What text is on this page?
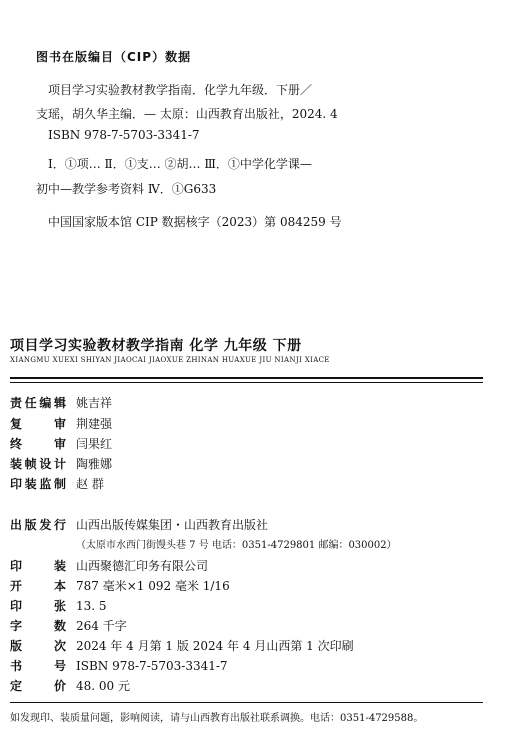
图书在版编目（CIP）数据
项目学习实验教材教学指南．化学九年级．下册／
支瑶，胡久华主编．— 太原：山西教育出版社，2024. 4
ISBN 978-7-5703-3341-7
Ⅰ．①项… Ⅱ．①支… ②胡… Ⅲ．①中学化学课—
初中—教学参考资料 Ⅳ．①G633
中国国家版本馆 CIP 数据核字（2023）第 084259 号
项目学习实验教材教学指南 化学 九年级 下册
XIANGMU XUEXI SHIYAN JIAOCAI JIAOXUE ZHINAN HUAXUE JIU NIANJI XIACE
责任编辑 姚吉祥
复审 荆建强
终审 闫果红
装帧设计 陶雅娜
印装监制 赵 群
出版发行 山西出版传媒集团・山西教育出版社
（太原市水西门街馒头巷 7 号 电话：0351-4729801 邮编：030002）
印装 山西聚德汇印务有限公司
开本 787 毫米×1 092 毫米 1/16
印张 13. 5
字数 264 千字
版次 2024 年 4 月第 1 版 2024 年 4 月山西第 1 次印刷
书号 ISBN 978-7-5703-3341-7
定价 48. 00 元
如发现印、装质量问题，影响阅读，请与山西教育出版社联系调换。电话：0351-4729588。
